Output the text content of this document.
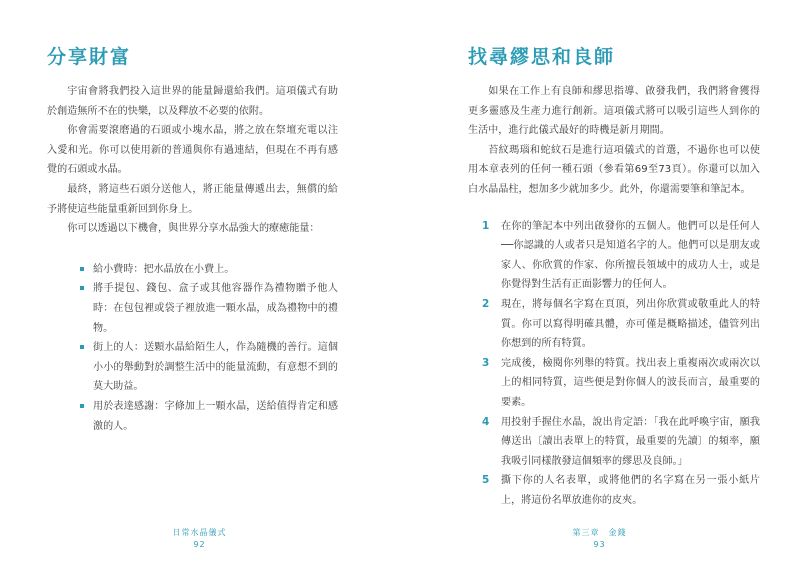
分享財富

宇宙會將我們投入這世界的能量歸還給我們。這項儀式有助於創造無所不在的快樂，以及釋放不必要的依附。

你會需要滾磨過的石頭或小塊水晶，將之放在祭壇充電以注入愛和光。你可以使用新的普通與你有過連結，但現在不再有感覺的石頭或水晶。

最終，將這些石頭分送他人，將正能量傳遞出去，無償的給予將使這些能量重新回到你身上。

你可以透過以下機會，與世界分享水晶強大的療癒能量：

給小費時：把水晶放在小費上。
將手提包、錢包、盒子或其他容器作為禮物贈予他人時：在包包裡或袋子裡放進一顆水晶，成為禮物中的禮物。
街上的人：送顆水晶給陌生人，作為隨機的善行。這個小小的舉動對於調整生活中的能量流動，有意想不到的莫大助益。
用於表達感謝：字條加上一顆水晶，送給值得肯定和感激的人。
日常水晶儀式
92
找尋繆思和良師

如果在工作上有良師和繆思指導、啟發我們，我們將會獲得更多靈感及生產力進行創新。這項儀式將可以吸引這些人到你的生活中，進行此儀式最好的時機是新月期間。

苔紋瑪瑙和蛇紋石是進行這項儀式的首選，不過你也可以使用本章表列的任何一種石頭（參看第69至73頁）。你還可以加入白水晶晶柱，想加多少就加多少。此外，你還需要筆和筆記本。

1 在你的筆記本中列出啟發你的五個人。他們可以是任何人──你認識的人或者只是知道名字的人。他們可以是朋友或家人、你欣賞的作家、你所擅長領域中的成功人士，或是你覺得對生活有正面影響力的任何人。
2 現在，將每個名字寫在頁頂，列出你欣賞或敬重此人的特質。你可以寫得明確具體，亦可僅是概略描述，儘管列出你想到的所有特質。
3 完成後，檢閱你列舉的特質。找出表上重複兩次或兩次以上的相同特質，這些便是對你個人的波長而言，最重要的要素。
4 用投射手握住水晶，說出肯定語：「我在此呼喚宇宙，願我傳送出〔讀出表單上的特質，最重要的先讀〕的頻率，願我吸引同樣散發這個頻率的繆思及良師。」
5 撕下你的人名表單，或將他們的名字寫在另一張小紙片上，將這份名單放進你的皮夾。
第三章　金錢
93
